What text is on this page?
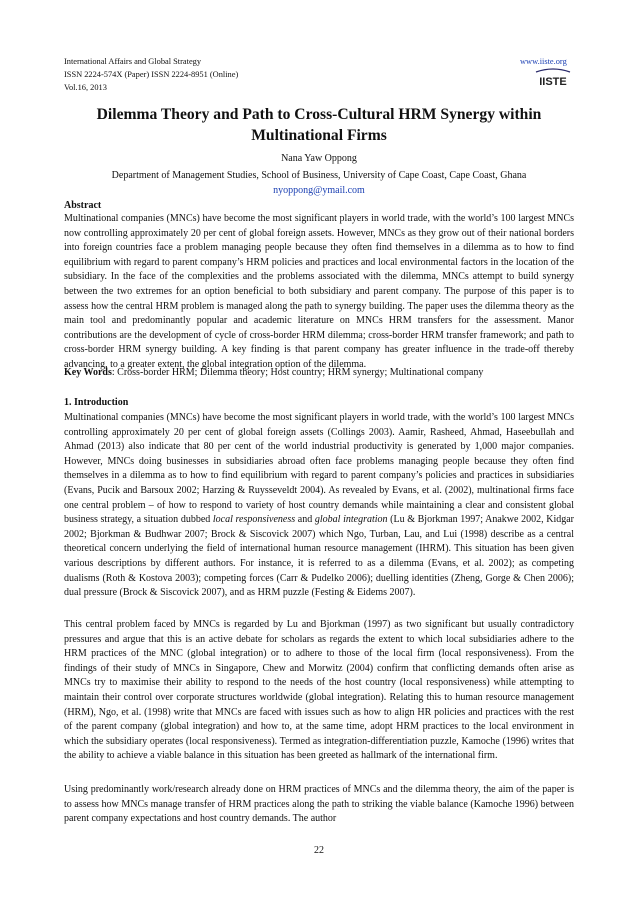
International Affairs and Global Strategy
ISSN 2224-574X (Paper) ISSN 2224-8951 (Online)
Vol.16, 2013
www.iiste.org
IISTE
Dilemma Theory and Path to Cross-Cultural HRM Synergy within Multinational Firms
Nana Yaw Oppong
Department of Management Studies, School of Business, University of Cape Coast, Cape Coast, Ghana
nyoppong@ymail.com
Abstract

Multinational companies (MNCs) have become the most significant players in world trade, with the world’s 100 largest MNCs now controlling approximately 20 per cent of global foreign assets. However, MNCs as they grow out of their national borders into foreign countries face a problem managing people because they often find themselves in a dilemma as to how to find equilibrium with regard to parent company’s HRM policies and practices and local environmental factors in the location of the subsidiary. In the face of the complexities and the problems associated with the dilemma, MNCs attempt to build synergy between the two extremes for an option beneficial to both subsidiary and parent company. The purpose of this paper is to assess how the central HRM problem is managed along the path to synergy building. The paper uses the dilemma theory as the main tool and predominantly popular and academic literature on MNCs HRM transfers for the assessment. Manor contributions are the development of cycle of cross-border HRM dilemma; cross-border HRM transfer framework; and path to cross-border HRM synergy building. A key finding is that parent company has greater influence in the trade-off thereby advancing, to a greater extent, the global integration option of the dilemma.

Key Words: Cross-border HRM; Dilemma theory; Host country; HRM synergy; Multinational company
1. Introduction

Multinational companies (MNCs) have become the most significant players in world trade, with the world’s 100 largest MNCs controlling approximately 20 per cent of global foreign assets (Collings 2003). Aamir, Rasheed, Ahmad, Haseebullah and Ahmad (2013) also indicate that 80 per cent of the world industrial productivity is generated by 1,000 major companies. However, MNCs doing businesses in subsidiaries abroad often face problems managing people because they often find themselves in a dilemma as to how to find equilibrium with regard to parent company’s policies and practices in subsidiaries (Evans, Pucik and Barsoux 2002; Harzing & Ruysseveldt 2004). As revealed by Evans, et al. (2002), multinational firms face one central problem – of how to respond to variety of host country demands while maintaining a clear and consistent global business strategy, a situation dubbed local responsiveness and global integration (Lu & Bjorkman 1997; Anakwe 2002, Kidgar 2002; Bjorkman & Budhwar 2007; Brock & Siscovick 2007) which Ngo, Turban, Lau, and Lui (1998) describe as a central theoretical concern underlying the field of international human resource management (IHRM). This situation has been given various descriptions by different authors. For instance, it is referred to as a dilemma (Evans, et al. 2002); as competing dualisms (Roth & Kostova 2003); competing forces (Carr & Pudelko 2006); duelling identities (Zheng, Gorge & Chen 2006); dual pressure (Brock & Siscovick 2007), and as HRM puzzle (Festing & Eidems 2007).

This central problem faced by MNCs is regarded by Lu and Bjorkman (1997) as two significant but usually contradictory pressures and argue that this is an active debate for scholars as regards the extent to which local subsidiaries adhere to the HRM practices of the MNC (global integration) or to adhere to those of the local firm (local responsiveness). From the findings of their study of MNCs in Singapore, Chew and Morwitz (2004) confirm that conflicting demands often arise as MNCs try to maximise their ability to respond to the needs of the host country (local responsiveness) while attempting to maintain their control over corporate structures worldwide (global integration). Relating this to human resource management (HRM), Ngo, et al. (1998) write that MNCs are faced with issues such as how to align HR policies and practices with the rest of the parent company (global integration) and how to, at the same time, adopt HRM practices to the local environment in which the subsidiary operates (local responsiveness). Termed as integration-differentiation puzzle, Kamoche (1996) writes that the ability to achieve a viable balance in this situation has been greeted as hallmark of the international firm.

Using predominantly work/research already done on HRM practices of MNCs and the dilemma theory, the aim of the paper is to assess how MNCs manage transfer of HRM practices along the path to striking the viable balance (Kamoche 1996) between parent company expectations and host country demands. The author

22
